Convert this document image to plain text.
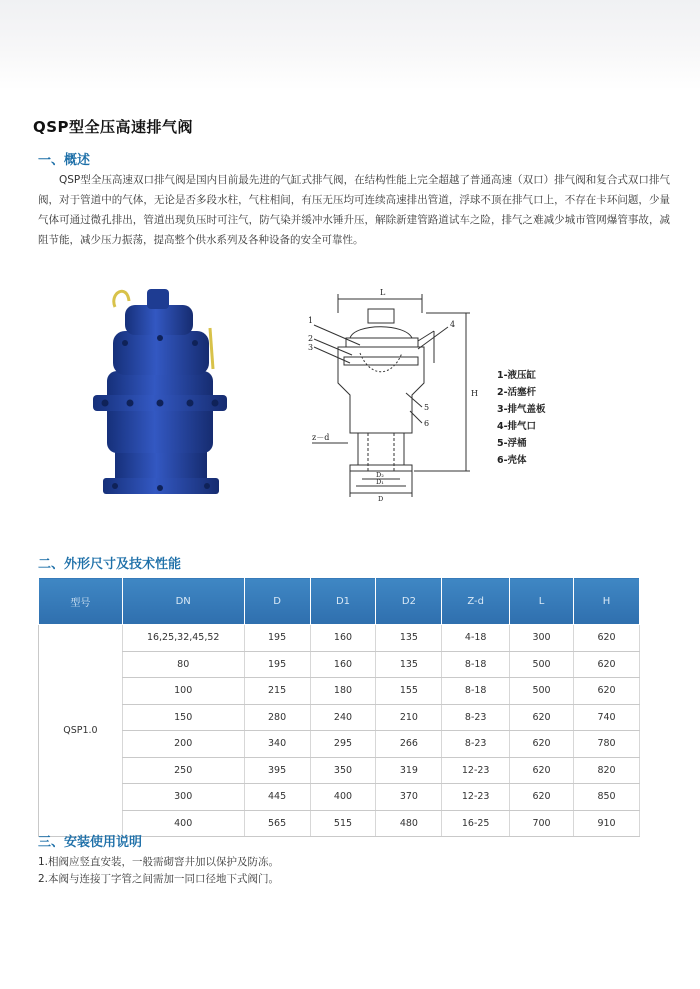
QSP型全压高速排气阀
一、概述
QSP型全压高速双口排气阀是国内目前最先进的气缸式排气阀，在结构性能上完全超越了普通高速（双口）排气阀和复合式双口排气阀，对于管道中的气体，无论是否多段水柱，气柱相间，有压无压均可连续高速排出管道，浮球不顶在排气口上，不存在卡环问题，少量气体可通过微孔排出，管道出现负压时可注气，防气染并缓冲水锤升压，解除新建管路道试车之险，排气之难减少城市管网爆管事故，减阻节能，减少压力振荡，提高整个供水系列及各种设备的安全可靠性。
L
H
z－d
D₂
D₁
D
1
2
3
4
5
6
1-液压缸
2-活塞杆
3-排气盖板
4-排气口
5-浮桶
6-壳体
二、外形尺寸及技术性能
型号	DN	D	D1	D2	Z-d	L	H
QSP1.0	16,25,32,45,52	195	160	135	4-18	300	620
	80	195	160	135	8-18	500	620
	100	215	180	155	8-18	500	620
	150	280	240	210	8-23	620	740
	200	340	295	266	8-23	620	780
	250	395	350	319	12-23	620	820
	300	445	400	370	12-23	620	850
	400	565	515	480	16-25	700	910
三、安装使用说明
1.相阀应竖直安装，一般需砌窨井加以保护及防冻。
2.本阀与连接丁字管之间需加一同口径地下式阀门。
